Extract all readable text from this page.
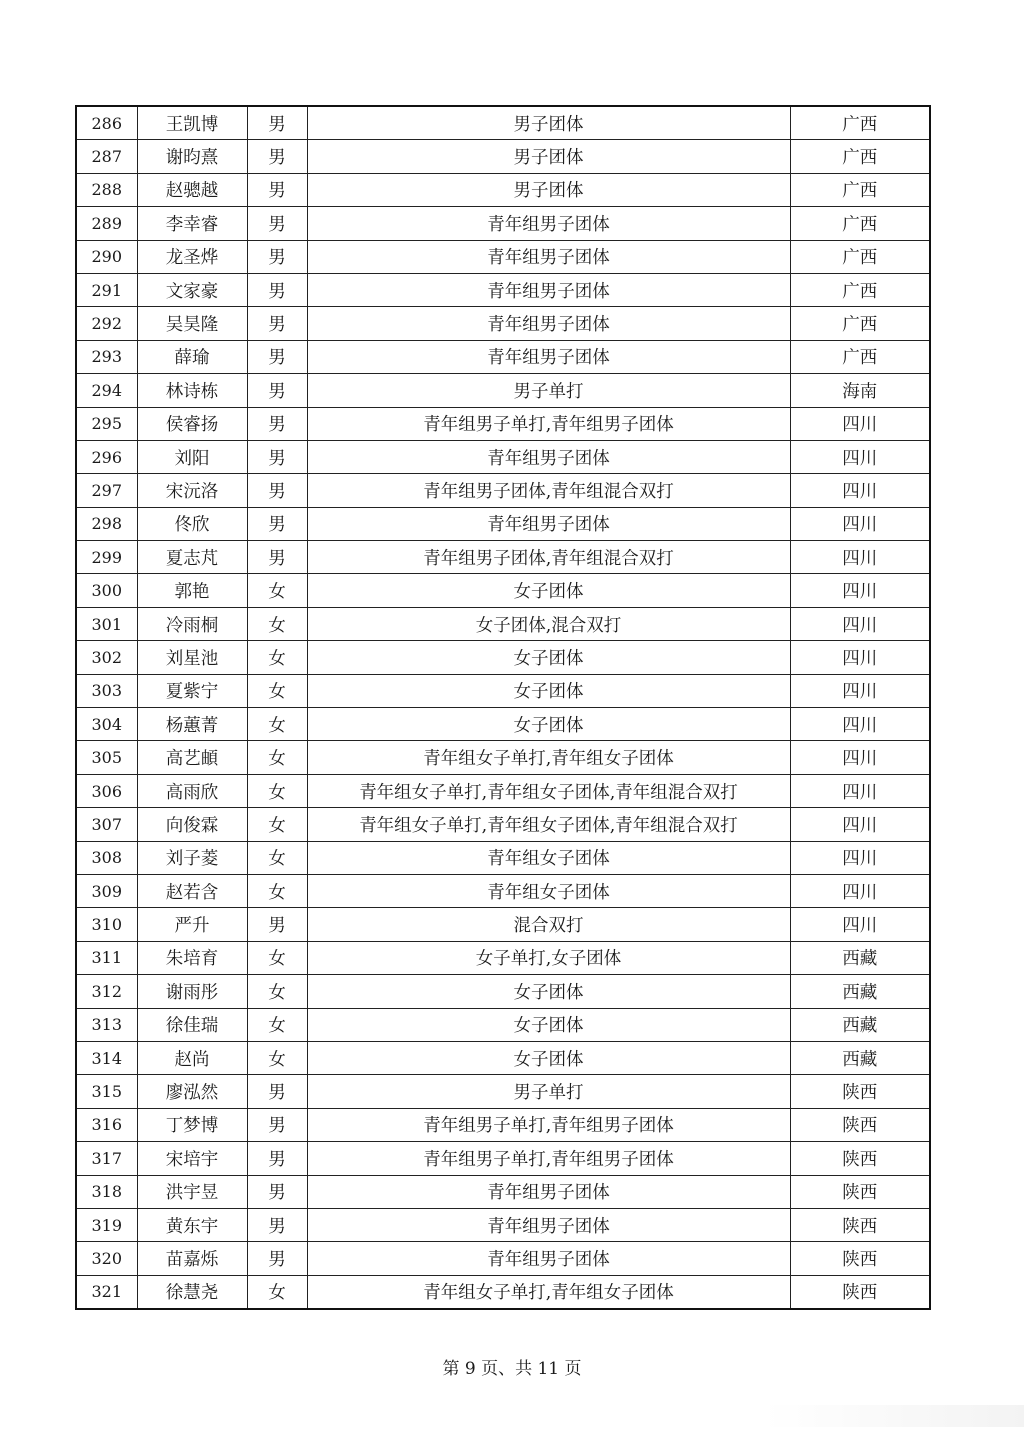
286	王凯博	男	男子团体	广西
287	谢昀熹	男	男子团体	广西
288	赵骢越	男	男子团体	广西
289	李幸睿	男	青年组男子团体	广西
290	龙圣烨	男	青年组男子团体	广西
291	文家豪	男	青年组男子团体	广西
292	吴昊隆	男	青年组男子团体	广西
293	薛瑜	男	青年组男子团体	广西
294	林诗栋	男	男子单打	海南
295	侯睿扬	男	青年组男子单打,青年组男子团体	四川
296	刘阳	男	青年组男子团体	四川
297	宋沅洛	男	青年组男子团体,青年组混合双打	四川
298	佟欣	男	青年组男子团体	四川
299	夏志芃	男	青年组男子团体,青年组混合双打	四川
300	郭艳	女	女子团体	四川
301	冷雨桐	女	女子团体,混合双打	四川
302	刘星池	女	女子团体	四川
303	夏紫宁	女	女子团体	四川
304	杨蕙菁	女	女子团体	四川
305	高艺頔	女	青年组女子单打,青年组女子团体	四川
306	高雨欣	女	青年组女子单打,青年组女子团体,青年组混合双打	四川
307	向俊霖	女	青年组女子单打,青年组女子团体,青年组混合双打	四川
308	刘子菱	女	青年组女子团体	四川
309	赵若含	女	青年组女子团体	四川
310	严升	男	混合双打	四川
311	朱培育	女	女子单打,女子团体	西藏
312	谢雨彤	女	女子团体	西藏
313	徐佳瑞	女	女子团体	西藏
314	赵尚	女	女子团体	西藏
315	廖泓然	男	男子单打	陕西
316	丁梦博	男	青年组男子单打,青年组男子团体	陕西
317	宋培宇	男	青年组男子单打,青年组男子团体	陕西
318	洪宇昱	男	青年组男子团体	陕西
319	黄东宇	男	青年组男子团体	陕西
320	苗嘉烁	男	青年组男子团体	陕西
321	徐慧尧	女	青年组女子单打,青年组女子团体	陕西
第 9 页、共 11 页
